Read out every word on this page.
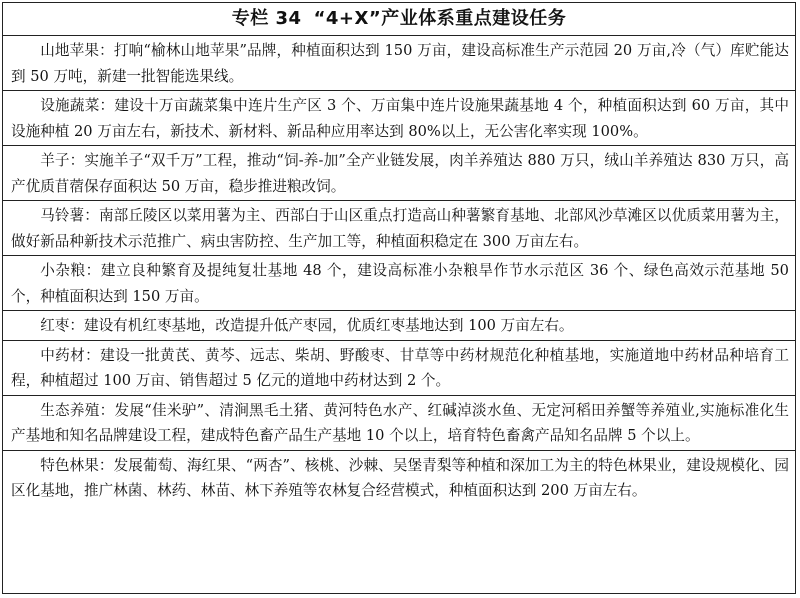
专栏 34 “4+X”产业体系重点建设任务
山地苹果：打响“榆林山地苹果”品牌，种植面积达到 150 万亩，建设高标准生产示范园 20 万亩,冷（气）库贮能达到 50 万吨，新建一批智能选果线。
设施蔬菜：建设十万亩蔬菜集中连片生产区 3 个、万亩集中连片设施果蔬基地 4 个，种植面积达到 60 万亩，其中设施种植 20 万亩左右，新技术、新材料、新品种应用率达到 80%以上，无公害化率实现 100%。
羊子：实施羊子“双千万”工程，推动“饲-养-加”全产业链发展，肉羊养殖达 880 万只，绒山羊养殖达 830 万只，高产优质苜蓿保存面积达 50 万亩，稳步推进粮改饲。
马铃薯：南部丘陵区以菜用薯为主、西部白于山区重点打造高山种薯繁育基地、北部风沙草滩区以优质菜用薯为主，做好新品种新技术示范推广、病虫害防控、生产加工等，种植面积稳定在 300 万亩左右。
小杂粮：建立良种繁育及提纯复壮基地 48 个，建设高标准小杂粮旱作节水示范区 36 个、绿色高效示范基地 50 个，种植面积达到 150 万亩。
红枣：建设有机红枣基地，改造提升低产枣园，优质红枣基地达到 100 万亩左右。
中药材：建设一批黄芪、黄芩、远志、柴胡、野酸枣、甘草等中药材规范化种植基地，实施道地中药材品种培育工程，种植超过 100 万亩、销售超过 5 亿元的道地中药材达到 2 个。
生态养殖：发展“佳米驴”、清涧黑毛土猪、黄河特色水产、红碱淖淡水鱼、无定河稻田养蟹等养殖业,实施标准化生产基地和知名品牌建设工程，建成特色畜产品生产基地 10 个以上，培育特色畜禽产品知名品牌 5 个以上。
特色林果：发展葡萄、海红果、“两杏”、核桃、沙棘、吴堡青梨等种植和深加工为主的特色林果业，建设规模化、园区化基地，推广林菌、林药、林苗、林下养殖等农林复合经营模式，种植面积达到 200 万亩左右。
